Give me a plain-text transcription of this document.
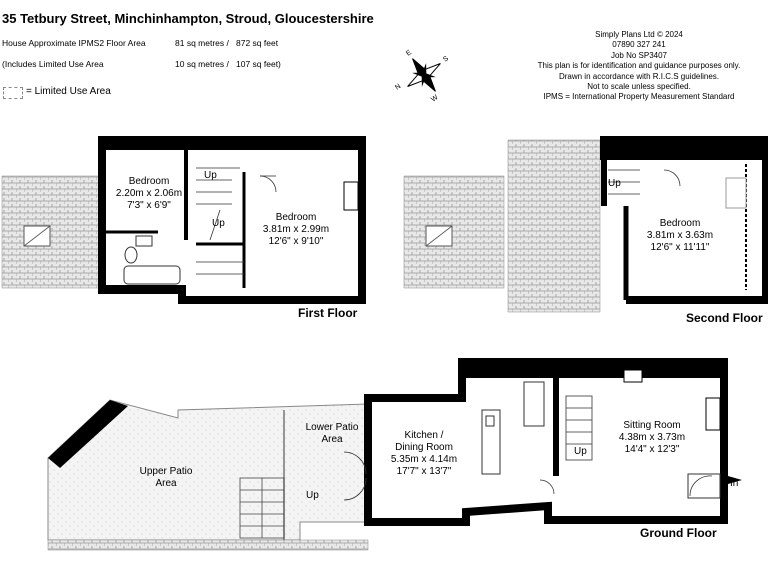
35 Tetbury Street, Minchinhampton, Stroud, Gloucestershire
House Approximate IPMS2 Floor Area	81 sq metres / 872 sq feet
(Includes Limited Use Area	10 sq metres / 107 sq feet)
= Limited Use Area
Simply Plans Ltd © 2024
07890 327 241
Job No SP3407
This plan is for identification and guidance purposes only.
Drawn in accordance with R.I.C.S guidelines.
Not to scale unless specified.
IPMS = International Property Measurement Standard
N
E
S
W
Bedroom
2.20m x 2.06m
7'3" x 6'9"
Bedroom
3.81m x 2.99m
12'6" x 9'10"
Up
Up
First Floor
Bedroom
3.81m x 3.63m
12'6" x 11'11"
Up
Second Floor
Upper Patio
Area
Lower Patio
Area	Kitchen /
Dining Room
5.35m x 4.14m
17'7" x 13'7"
Sitting Room
4.38m x 3.73m
14'4" x 12'3"
Up
Up
In
Ground Floor
